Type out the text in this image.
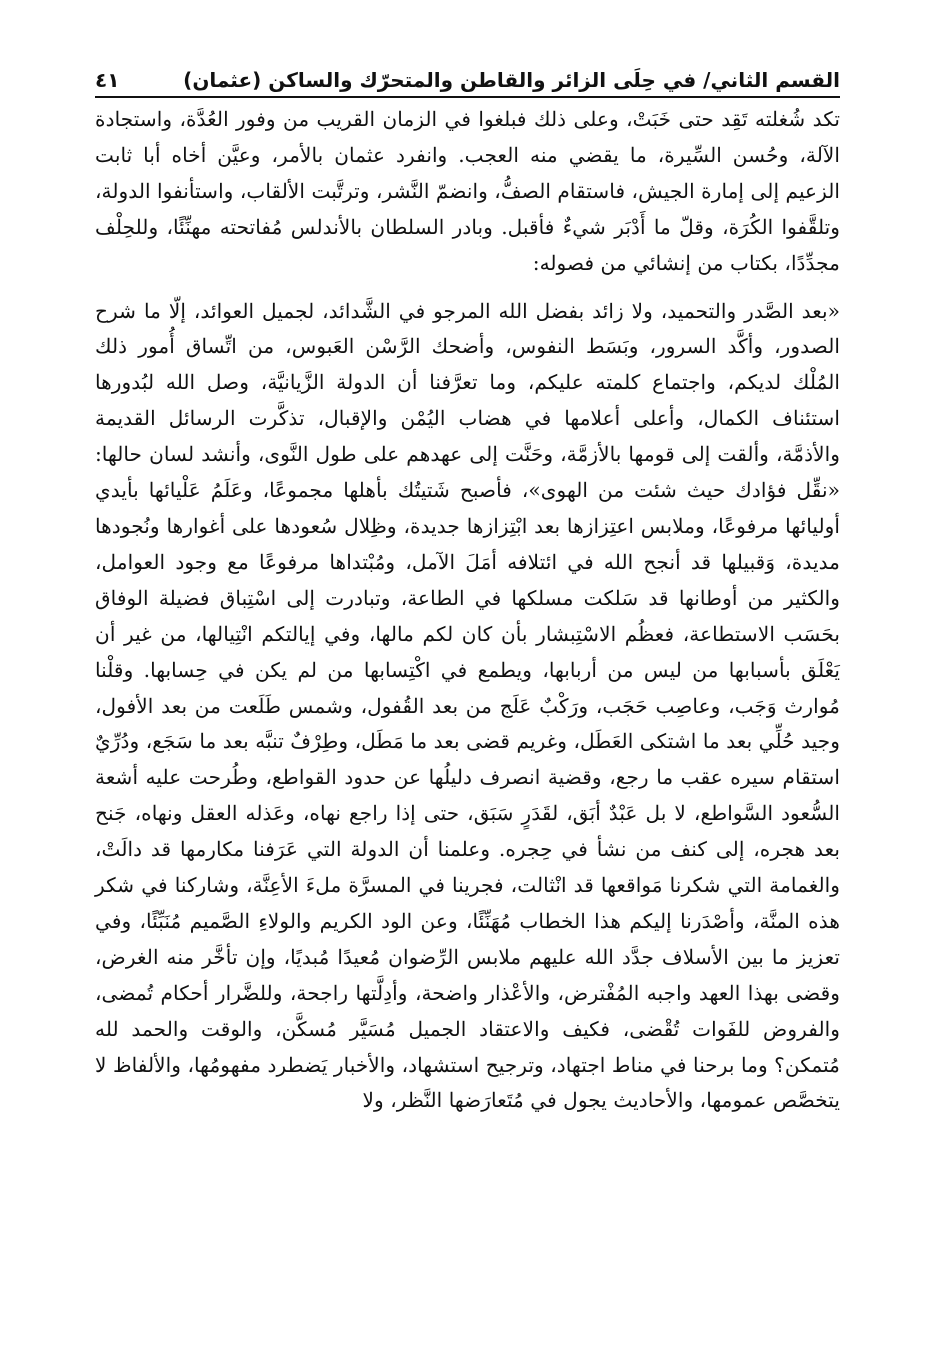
القسم الثاني/ في حِلَى الزائر والقاطن والمتحرّك والساكن (عثمان)
٤١

تكد شُغلته تَقِد حتى خَبَتْ، وعلى ذلك فبلغوا في الزمان القريب من وفور العُدَّة، واستجادة الآلة، وحُسن السِّيرة، ما يقضي منه العجب. وانفرد عثمان بالأمر، وعيَّن أخاه أبا ثابت الزعيم إلى إمارة الجيش، فاستقام الصفُّ، وانضمّ النَّشر، وترتَّبت الألقاب، واستأنفوا الدولة، وتلقَّفوا الكُرَة، وقلّ ما أَدْبَر شيءٌ فأقبل. وبادر السلطان بالأندلس مُفاتحته مهنِّئًا، وللحِلْف مجدِّدًا، بكتاب من إنشائي من فصوله:

«بعد الصَّدر والتحميد، ولا زائد بفضل الله المرجو في الشَّدائد، لجميل العوائد، إلّا ما شرح الصدور، وأكَّد السرور، وبَسَط النفوس، وأضحك الرَّسْن العَبوس، من اتِّساق أُمور ذلك المُلْك لديكم، واجتماع كلمته عليكم، وما تعرَّفنا أن الدولة الزَّيانيَّة، وصل الله لبُدورها استئناف الكمال، وأعلى أعلامها في هضاب اليُمْن والإقبال، تذكَّرت الرسائل القديمة والأذمَّة، وألقت إلى قومها بالأزمَّة، وحَنَّت إلى عهدهم على طول النَّوى، وأنشد لسان حالها: «نقِّل فؤادك حيث شئت من الهوى»، فأصبح شَتيتُك بأهلها مجموعًا، وعَلَمُ عَلْيائها بأيدي أوليائها مرفوعًا، وملابس اعتِزازها بعد ابْتِزازها جديدة، وظِلال سُعودها على أغوارها ونُجودها مديدة، وَقبيلها قد أنجح الله في ائتلافه أمَلَ الآمل، ومُبْتداها مرفوعًا مع وجود العوامل، والكثير من أوطانها قد سَلكت مسلكها في الطاعة، وتبادرت إلى اسْتِباق فضيلة الوفاق بحَسَب الاستطاعة، فعظُم الاسْتِبشار بأن كان لكم مالها، وفي إيالتكم انْتِيالها، من غير أن يَعْلَق بأسبابها من ليس من أربابها، ويطمع في اكْتِسابها من لم يكن في حِسابها. وقلْنا مُوارث وَجَب، وعاصِب حَجَب، ورَكْبٌ عَلَج من بعد القُفول، وشمس طَلَعت من بعد الأفول، وجيد حُلِّي بعد ما اشتكى العَطَل، وغريم قضى بعد ما مَطَل، وطِرْفٌ تنبَّه بعد ما سَجَع، ودُرِّيٌ استقام سيره عقب ما رجع، وقضية انصرف دليلُها عن حدود القواطع، وطُرحت عليه أشعة السُّعود السَّواطع، لا بل عَبْدٌ أبَق، لقَدَرٍ سَبَق، حتى إذا راجع نهاه، وعَذله العقل ونهاه، جَنح بعد هجره، إلى كنف من نشأ في حِجره. وعلمنا أن الدولة التي عَرَفنا مكارمها قد دالَتْ، والغمامة التي شكرنا مَواقعها قد انْثالت، فجرينا في المسرَّة ملءَ الأعِنَّة، وشاركنا في شكر هذه المنَّة، وأصْدَرنا إليكم هذا الخطاب مُهَنِّئًا، وعن الود الكريم والولاءِ الصَّميم مُنَبِّئًا، وفي تعزيز ما بين الأسلاف جدَّد الله عليهم ملابس الرِّضوان مُعيدًا مُبديًا، وإن تأخَّر منه الغرض، وقضى بهذا العهد واجبه المُفْترض، والأعْذار واضحة، وأدِلَّتها راجحة، وللضَّرار أحكام تُمضى، والفروض للفَوات تُقْضى، فكيف والاعتقاد الجميل مُسَيَّر مُسكَّن، والوقت والحمد لله مُتمكن؟ وما برحنا في مناط اجتهاد، وترجيح استشهاد، والأخبار يَضطرد مفهومُها، والألفاظ لا يتخصَّص عمومها، والأحاديث يجول في مُتَعارَضها النَّظر، ولا
